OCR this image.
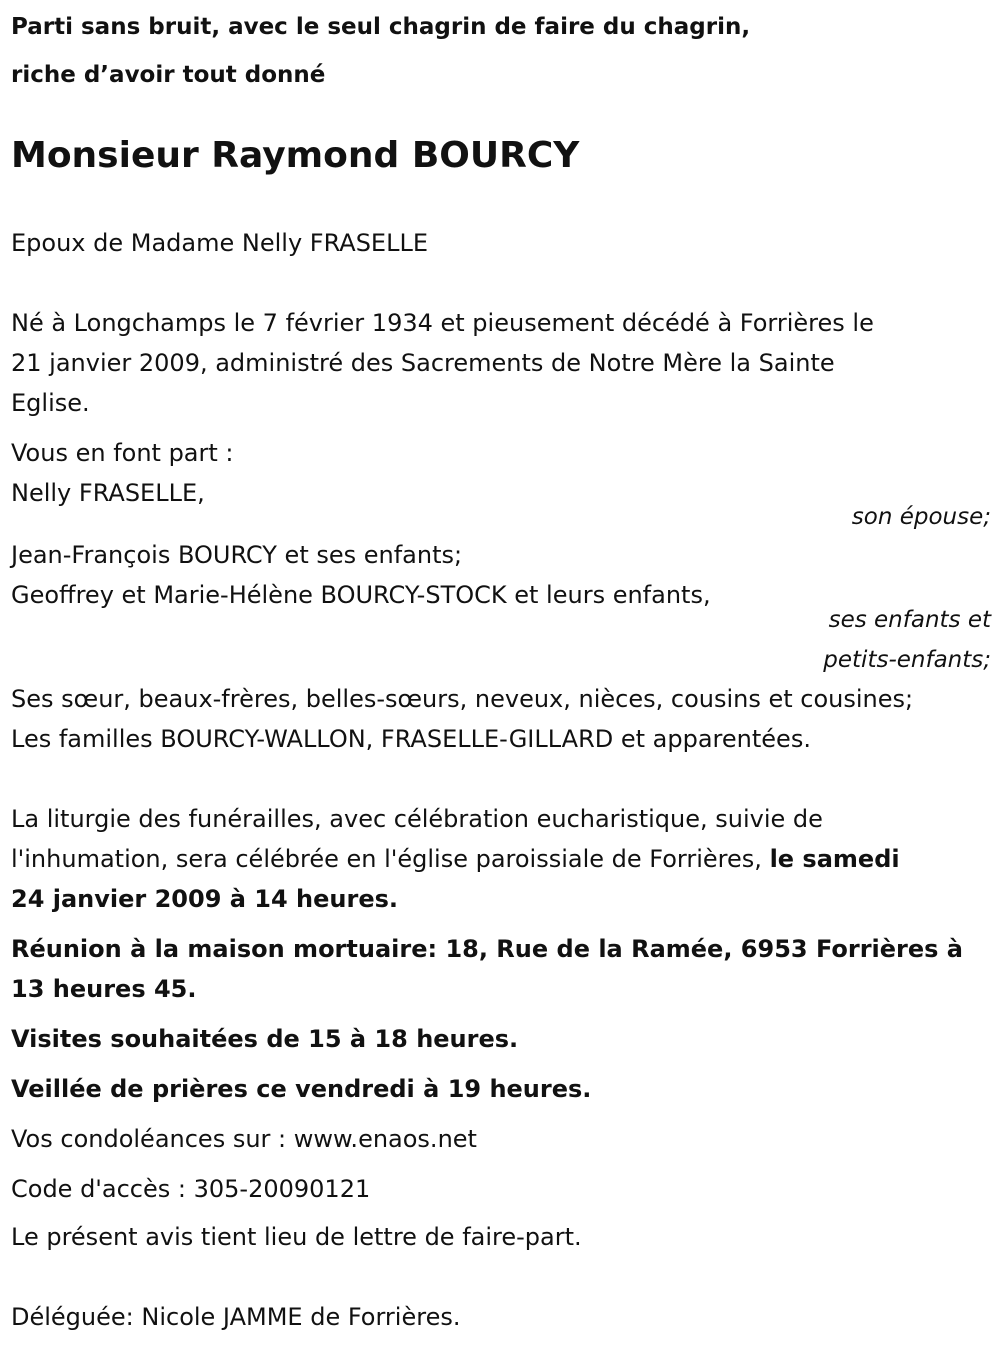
Parti sans bruit, avec le seul chagrin de faire du chagrin,
riche d’avoir tout donné
Monsieur Raymond BOURCY
Epoux de Madame Nelly FRASELLE
Né à Longchamps le 7 février 1934 et pieusement décédé à Forrières le
21 janvier 2009, administré des Sacrements de Notre Mère la Sainte
Eglise.
Vous en font part :
Nelly FRASELLE,
son épouse;
Jean-François BOURCY et ses enfants;
Geoffrey et Marie-Hélène BOURCY-STOCK et leurs enfants,
ses enfants et
petits-enfants;
Ses sœur, beaux-frères, belles-sœurs, neveux, nièces, cousins et cousines;
Les familles BOURCY-WALLON, FRASELLE-GILLARD et apparentées.
La liturgie des funérailles, avec célébration eucharistique, suivie de
l'inhumation, sera célébrée en l'église paroissiale de Forrières, le samedi
24 janvier 2009 à 14 heures.
Réunion à la maison mortuaire: 18, Rue de la Ramée, 6953 Forrières à
13 heures 45.
Visites souhaitées de 15 à 18 heures.
Veillée de prières ce vendredi à 19 heures.
Vos condoléances sur : www.enaos.net
Code d'accès : 305-20090121
Le présent avis tient lieu de lettre de faire-part.
Déléguée: Nicole JAMME de Forrières.
